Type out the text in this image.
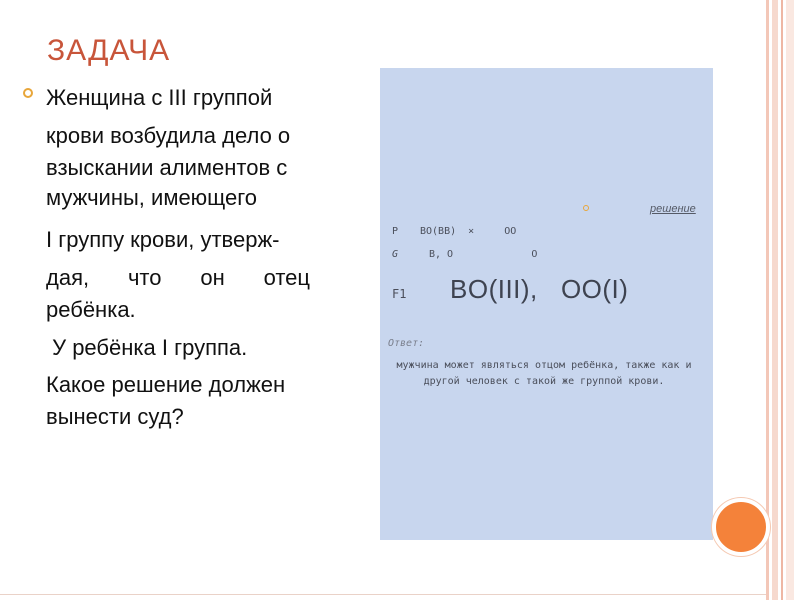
ЗАДАЧА
Женщина с III группой
крови возбудила дело о
взыскании алиментов с
мужчины, имеющего
I группу крови, утверж-
дая, что он отец
ребёнка.
У ребёнка I группа.
Какое решение должен
вынести суд?
решение
P BO(BB)  ×     OO
G	B, O             O
F1 BO(III),   OO(I)
Ответ:
мужчина может являться отцом ребёнка, также как и другой человек с такой же группой крови.
